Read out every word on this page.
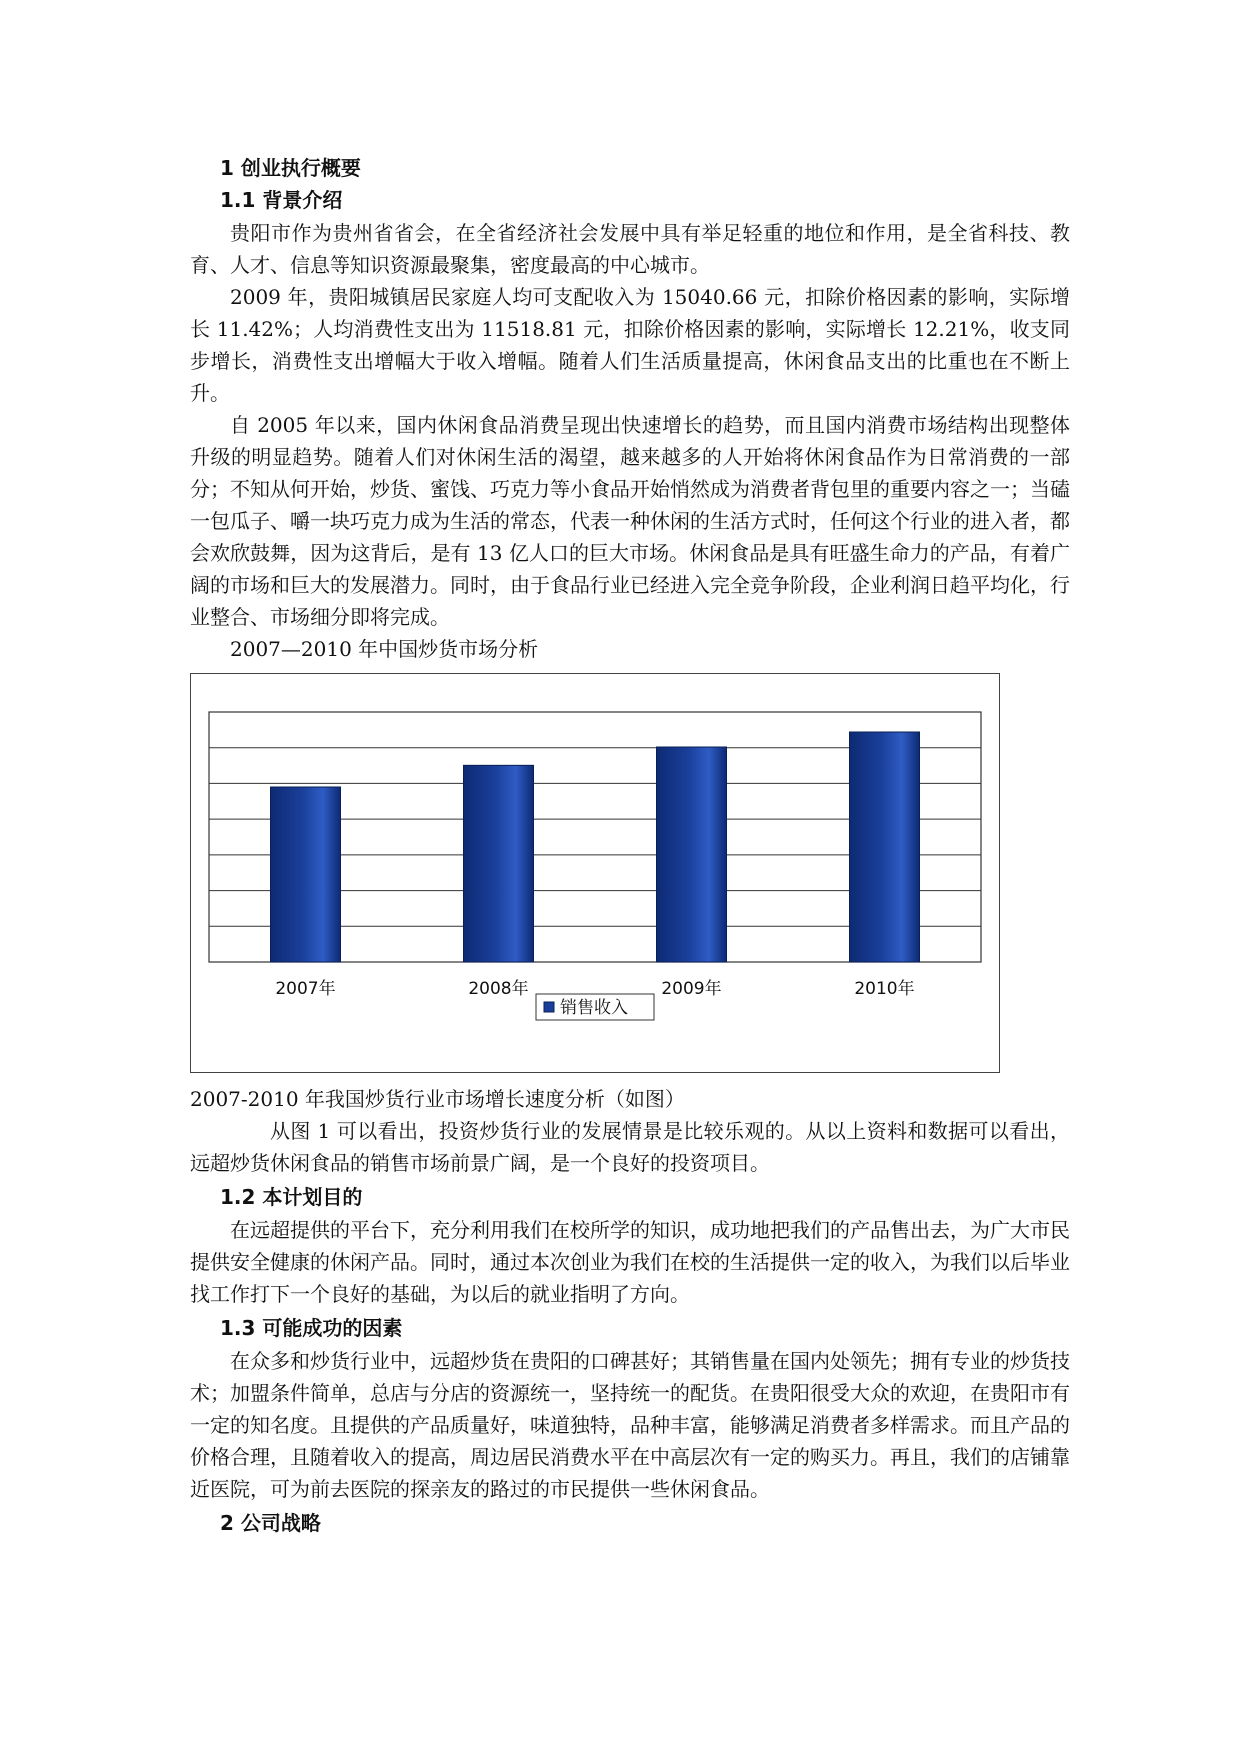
1 创业执行概要
1.1 背景介绍

贵阳市作为贵州省省会，在全省经济社会发展中具有举足轻重的地位和作用，是全省科技、教育、人才、信息等知识资源最聚集，密度最高的中心城市。

2009 年，贵阳城镇居民家庭人均可支配收入为 15040.66 元，扣除价格因素的影响，实际增长 11.42%；人均消费性支出为 11518.81 元，扣除价格因素的影响，实际增长 12.21%，收支同步增长，消费性支出增幅大于收入增幅。随着人们生活质量提高，休闲食品支出的比重也在不断上升。

自 2005 年以来，国内休闲食品消费呈现出快速增长的趋势，而且国内消费市场结构出现整体升级的明显趋势。随着人们对休闲生活的渴望，越来越多的人开始将休闲食品作为日常消费的一部分；不知从何开始，炒货、蜜饯、巧克力等小食品开始悄然成为消费者背包里的重要内容之一；当磕一包瓜子、嚼一块巧克力成为生活的常态，代表一种休闲的生活方式时，任何这个行业的进入者，都会欢欣鼓舞，因为这背后，是有 13 亿人口的巨大市场。休闲食品是具有旺盛生命力的产品，有着广阔的市场和巨大的发展潜力。同时，由于食品行业已经进入完全竞争阶段，企业利润日趋平均化，行业整合、市场细分即将完成。

2007—2010 年中国炒货市场分析
2007年	2008年	2009年	2010年
销售收入
2007-2010 年我国炒货行业市场增长速度分析（如图）

从图 1 可以看出，投资炒货行业的发展情景是比较乐观的。从以上资料和数据可以看出，远超炒货休闲食品的销售市场前景广阔，是一个良好的投资项目。

1.2 本计划目的

在远超提供的平台下，充分利用我们在校所学的知识，成功地把我们的产品售出去，为广大市民提供安全健康的休闲产品。同时，通过本次创业为我们在校的生活提供一定的收入，为我们以后毕业找工作打下一个良好的基础，为以后的就业指明了方向。

1.3 可能成功的因素

在众多和炒货行业中，远超炒货在贵阳的口碑甚好；其销售量在国内处领先；拥有专业的炒货技术；加盟条件简单，总店与分店的资源统一，坚持统一的配货。在贵阳很受大众的欢迎，在贵阳市有一定的知名度。且提供的产品质量好，味道独特，品种丰富，能够满足消费者多样需求。而且产品的价格合理，且随着收入的提高，周边居民消费水平在中高层次有一定的购买力。再且，我们的店铺靠近医院，可为前去医院的探亲友的路过的市民提供一些休闲食品。

2 公司战略
